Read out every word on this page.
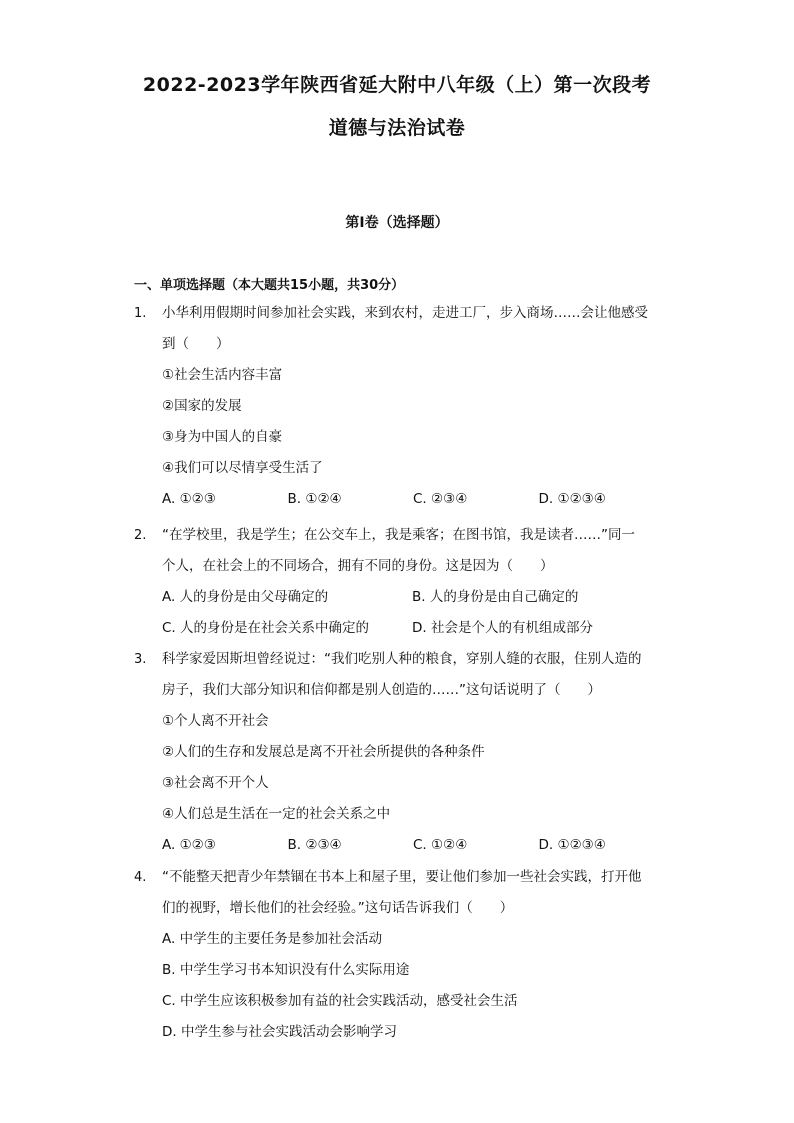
2022-2023学年陕西省延大附中八年级（上）第一次段考
道德与法治试卷
第I卷（选择题）
一、单项选择题（本大题共15小题，共30分）
1. 小华利用假期时间参加社会实践，来到农村，走进工厂，步入商场……会让他感受
到（　　）
①社会生活内容丰富
②国家的发展
③身为中国人的自豪
④我们可以尽情享受生活了
A. ①②③	B. ①②④	C. ②③④	D. ①②③④
2. “在学校里，我是学生；在公交车上，我是乘客；在图书馆，我是读者……”同一
个人，在社会上的不同场合，拥有不同的身份。这是因为（　　）
A. 人的身份是由父母确定的	B. 人的身份是由自己确定的
C. 人的身份是在社会关系中确定的	D. 社会是个人的有机组成部分
3. 科学家爱因斯坦曾经说过：“我们吃别人种的粮食，穿别人缝的衣服，住别人造的
房子，我们大部分知识和信仰都是别人创造的……”这句话说明了（　　）
①个人离不开社会
②人们的生存和发展总是离不开社会所提供的各种条件
③社会离不开个人
④人们总是生活在一定的社会关系之中
A. ①②③	B. ②③④	C. ①②④	D. ①②③④
4. “不能整天把青少年禁锢在书本上和屋子里，要让他们参加一些社会实践，打开他
们的视野，增长他们的社会经验。”这句话告诉我们（　　）
A. 中学生的主要任务是参加社会活动
B. 中学生学习书本知识没有什么实际用途
C. 中学生应该积极参加有益的社会实践活动，感受社会生活
D. 中学生参与社会实践活动会影响学习
